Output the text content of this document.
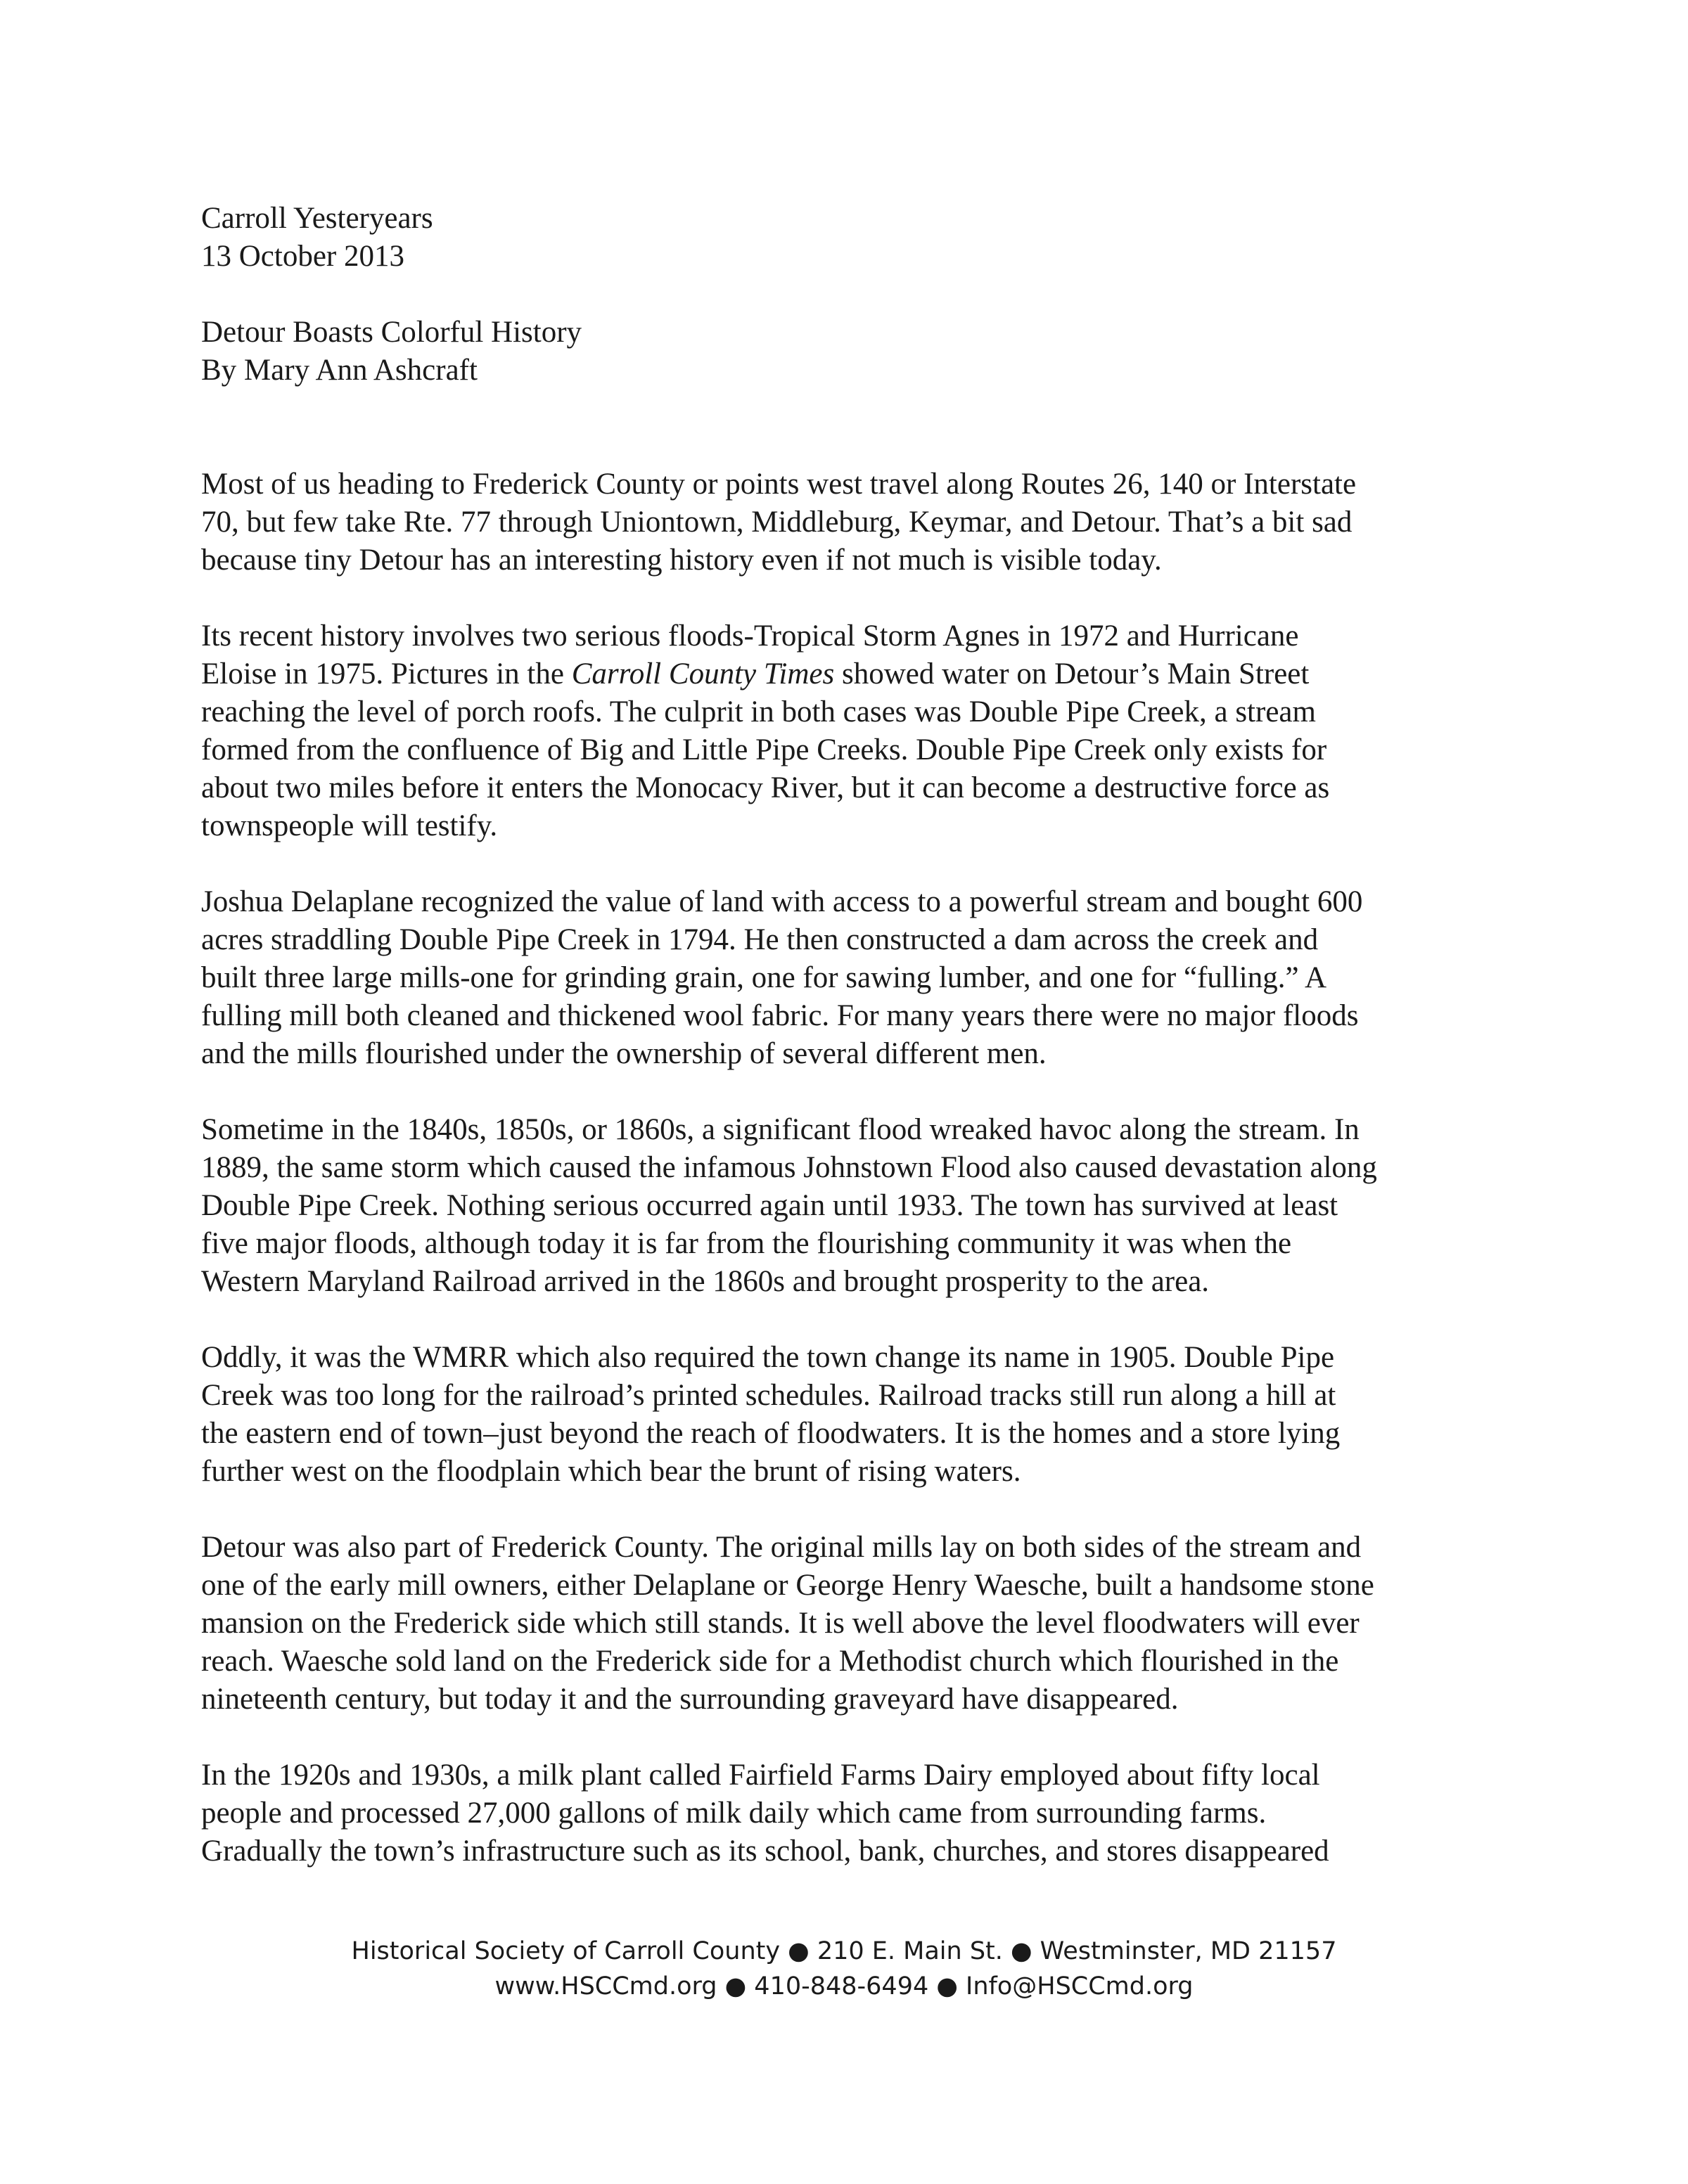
Carroll Yesteryears
13 October 2013
Detour Boasts Colorful History
By Mary Ann Ashcraft

Most of us heading to Frederick County or points west travel along Routes 26, 140 or Interstate
70, but few take Rte. 77 through Uniontown, Middleburg, Keymar, and Detour. That’s a bit sad
because tiny Detour has an interesting history even if not much is visible today.

Its recent history involves two serious floods-Tropical Storm Agnes in 1972 and Hurricane
Eloise in 1975. Pictures in the Carroll County Times showed water on Detour’s Main Street
reaching the level of porch roofs. The culprit in both cases was Double Pipe Creek, a stream
formed from the confluence of Big and Little Pipe Creeks. Double Pipe Creek only exists for
about two miles before it enters the Monocacy River, but it can become a destructive force as
townspeople will testify.

Joshua Delaplane recognized the value of land with access to a powerful stream and bought 600
acres straddling Double Pipe Creek in 1794. He then constructed a dam across the creek and
built three large mills-one for grinding grain, one for sawing lumber, and one for “fulling.” A
fulling mill both cleaned and thickened wool fabric. For many years there were no major floods
and the mills flourished under the ownership of several different men.

Sometime in the 1840s, 1850s, or 1860s, a significant flood wreaked havoc along the stream. In
1889, the same storm which caused the infamous Johnstown Flood also caused devastation along
Double Pipe Creek. Nothing serious occurred again until 1933. The town has survived at least
five major floods, although today it is far from the flourishing community it was when the
Western Maryland Railroad arrived in the 1860s and brought prosperity to the area.

Oddly, it was the WMRR which also required the town change its name in 1905. Double Pipe
Creek was too long for the railroad’s printed schedules. Railroad tracks still run along a hill at
the eastern end of town–just beyond the reach of floodwaters. It is the homes and a store lying
further west on the floodplain which bear the brunt of rising waters.

Detour was also part of Frederick County. The original mills lay on both sides of the stream and
one of the early mill owners, either Delaplane or George Henry Waesche, built a handsome stone
mansion on the Frederick side which still stands. It is well above the level floodwaters will ever
reach. Waesche sold land on the Frederick side for a Methodist church which flourished in the
nineteenth century, but today it and the surrounding graveyard have disappeared.

In the 1920s and 1930s, a milk plant called Fairfield Farms Dairy employed about fifty local
people and processed 27,000 gallons of milk daily which came from surrounding farms.
Gradually the town’s infrastructure such as its school, bank, churches, and stores disappeared

Historical Society of Carroll County ● 210 E. Main St. ● Westminster, MD 21157
www.HSCCmd.org ● 410-848-6494 ● Info@HSCCmd.org
